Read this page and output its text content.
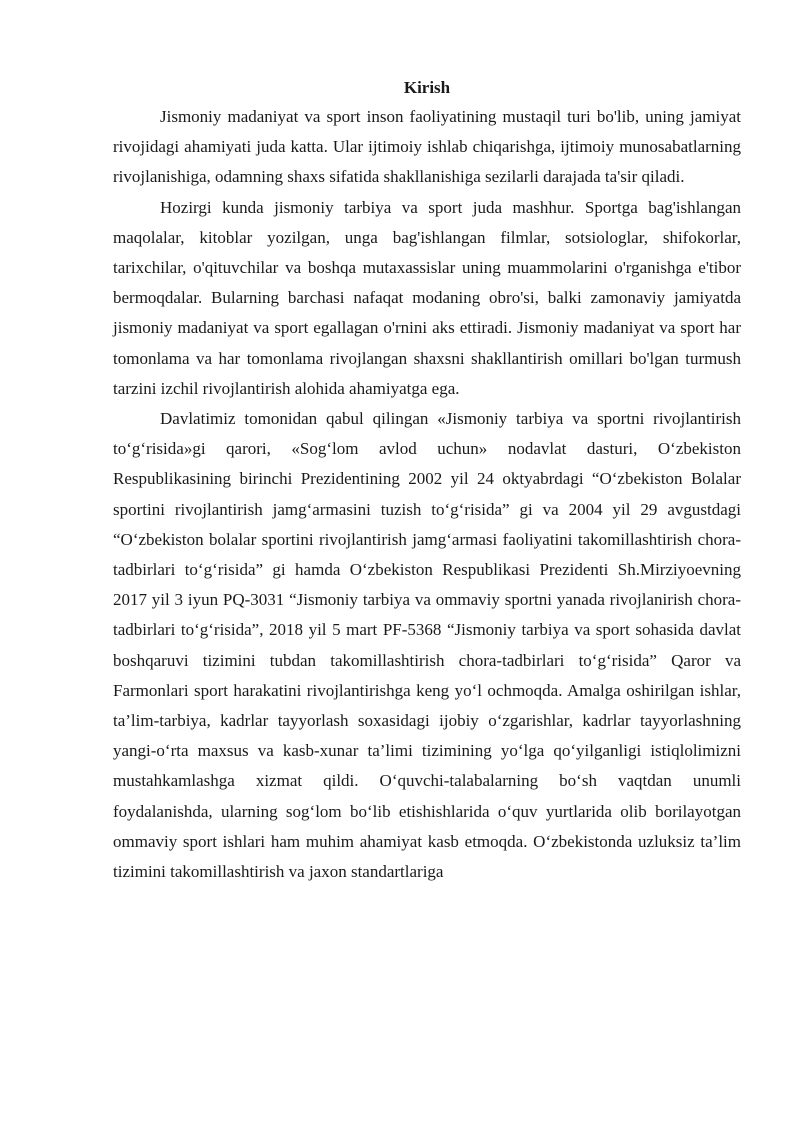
Kirish

Jismoniy madaniyat va sport inson faoliyatining mustaqil turi bo'lib, uning jamiyat rivojidagi ahamiyati juda katta. Ular ijtimoiy ishlab chiqarishga, ijtimoiy munosabatlarning rivojlanishiga, odamning shaxs sifatida shakllanishiga sezilarli darajada ta'sir qiladi.

Hozirgi kunda jismoniy tarbiya va sport juda mashhur. Sportga bag'ishlangan maqolalar, kitoblar yozilgan, unga bag'ishlangan filmlar, sotsiologlar, shifokorlar, tarixchilar, o'qituvchilar va boshqa mutaxassislar uning muammolarini o'rganishga e'tibor bermoqdalar. Bularning barchasi nafaqat modaning obro'si, balki zamonaviy jamiyatda jismoniy madaniyat va sport egallagan o'rnini aks ettiradi. Jismoniy madaniyat va sport har tomonlama va har tomonlama rivojlangan shaxsni shakllantirish omillari bo'lgan turmush tarzini izchil rivojlantirish alohida ahamiyatga ega.

Davlatimiz tomonidan qabul qilingan «Jismoniy tarbiya va sportni rivojlantirish to‘g‘risida»gi qarori, «Sog‘lom avlod uchun» nodavlat dasturi, O‘zbekiston Respublikasining birinchi Prezidentining 2002 yil 24 oktyabrdagi “O‘zbekiston Bolalar sportini rivojlantirish jamg‘armasini tuzish to‘g‘risida” gi va 2004 yil 29 avgustdagi “O‘zbekiston bolalar sportini rivojlantirish jamg‘armasi faoliyatini takomillashtirish chora-tadbirlari to‘g‘risida” gi hamda O‘zbekiston Respublikasi Prezidenti Sh.Mirziyoevning 2017 yil 3 iyun PQ-3031 “Jismoniy tarbiya va ommaviy sportni yanada rivojlanirish chora-tadbirlari to‘g‘risida”, 2018 yil 5 mart PF-5368 “Jismoniy tarbiya va sport sohasida davlat boshqaruvi tizimini tubdan takomillashtirish chora-tadbirlari to‘g‘risida” Qaror va Farmonlari sport harakatini rivojlantirishga keng yo‘l ochmoqda. Amalga oshirilgan ishlar, ta’lim-tarbiya, kadrlar tayyorlash soxasidagi ijobiy o‘zgarishlar, kadrlar tayyorlashning yangi-o‘rta maxsus va kasb-xunar ta’limi tizimining yo‘lga qo‘yilganligi istiqlolimizni mustahkamlashga xizmat qildi. O‘quvchi-talabalarning bo‘sh vaqtdan unumli foydalanishda, ularning sog‘lom bo‘lib etishishlarida o‘quv yurtlarida olib borilayotgan ommaviy sport ishlari ham muhim ahamiyat kasb etmoqda. O‘zbekistonda uzluksiz ta’lim tizimini takomillashtirish va jaxon standartlariga
